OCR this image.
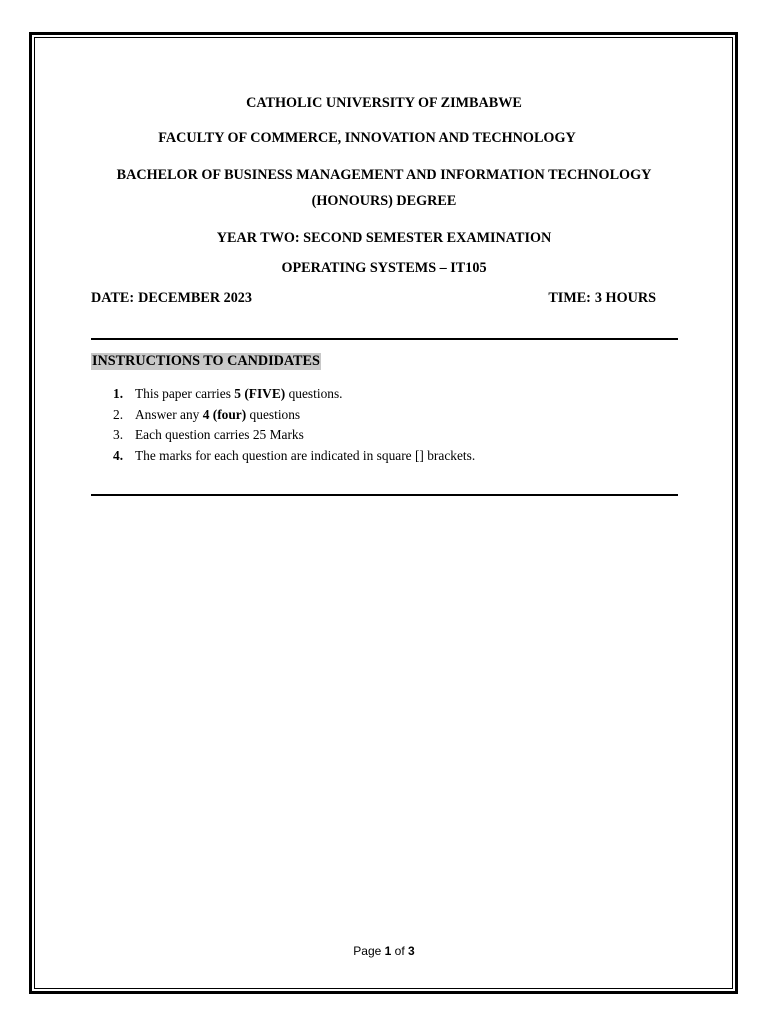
CATHOLIC UNIVERSITY OF ZIMBABWE
FACULTY OF COMMERCE, INNOVATION AND TECHNOLOGY
BACHELOR OF BUSINESS MANAGEMENT AND INFORMATION TECHNOLOGY
(HONOURS) DEGREE
YEAR TWO: SECOND SEMESTER EXAMINATION
OPERATING SYSTEMS – IT105
DATE: DECEMBER 2023	TIME: 3 HOURS
INSTRUCTIONS TO CANDIDATES
1. This paper carries 5 (FIVE) questions.
2. Answer any 4 (four) questions
3. Each question carries 25 Marks
4. The marks for each question are indicated in square [] brackets.
Page 1 of 3
